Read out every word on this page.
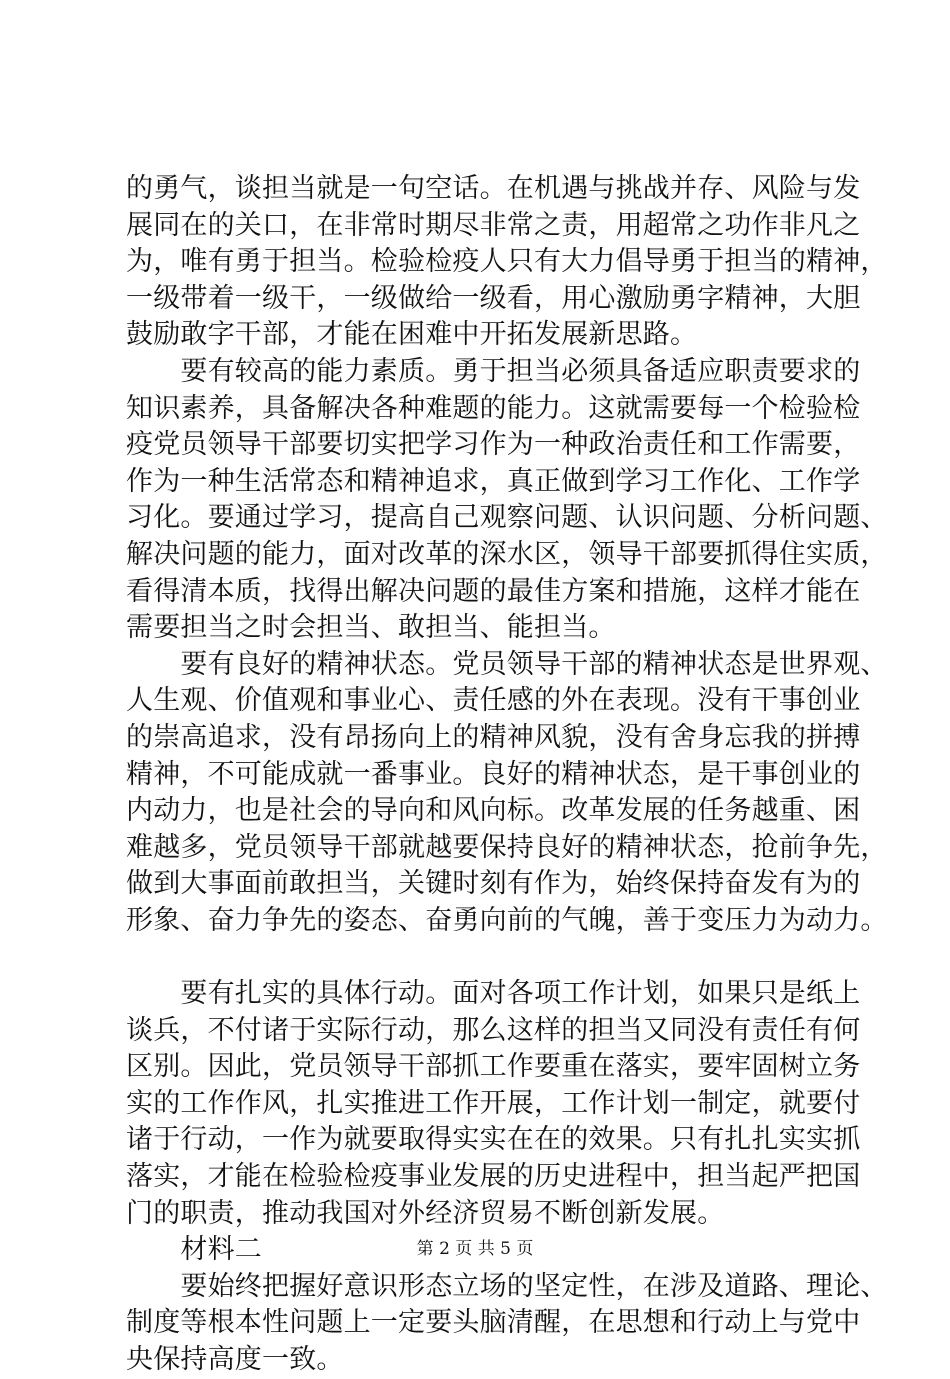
的勇气，谈担当就是一句空话。在机遇与挑战并存、风险与发
展同在的关口，在非常时期尽非常之责，用超常之功作非凡之
为，唯有勇于担当。检验检疫人只有大力倡导勇于担当的精神，
一级带着一级干，一级做给一级看，用心激励勇字精神，大胆
鼓励敢字干部，才能在困难中开拓发展新思路。
　　要有较高的能力素质。勇于担当必须具备适应职责要求的
知识素养，具备解决各种难题的能力。这就需要每一个检验检
疫党员领导干部要切实把学习作为一种政治责任和工作需要，
作为一种生活常态和精神追求，真正做到学习工作化、工作学
习化。要通过学习，提高自己观察问题、认识问题、分析问题、
解决问题的能力，面对改革的深水区，领导干部要抓得住实质，
看得清本质，找得出解决问题的最佳方案和措施，这样才能在
需要担当之时会担当、敢担当、能担当。
　　要有良好的精神状态。党员领导干部的精神状态是世界观、
人生观、价值观和事业心、责任感的外在表现。没有干事创业
的崇高追求，没有昂扬向上的精神风貌，没有舍身忘我的拼搏
精神，不可能成就一番事业。良好的精神状态，是干事创业的
内动力，也是社会的导向和风向标。改革发展的任务越重、困
难越多，党员领导干部就越要保持良好的精神状态，抢前争先，
做到大事面前敢担当，关键时刻有作为，始终保持奋发有为的
形象、奋力争先的姿态、奋勇向前的气魄，善于变压力为动力。
　　要有扎实的具体行动。面对各项工作计划，如果只是纸上
谈兵，不付诸于实际行动，那么这样的担当又同没有责任有何
区别。因此，党员领导干部抓工作要重在落实，要牢固树立务
实的工作作风，扎实推进工作开展，工作计划一制定，就要付
诸于行动，一作为就要取得实实在在的效果。只有扎扎实实抓
落实，才能在检验检疫事业发展的历史进程中，担当起严把国
门的职责，推动我国对外经济贸易不断创新发展。
　　材料二
　　要始终把握好意识形态立场的坚定性，在涉及道路、理论、
制度等根本性问题上一定要头脑清醒，在思想和行动上与党中
央保持高度一致。
第 2 页 共 5 页
